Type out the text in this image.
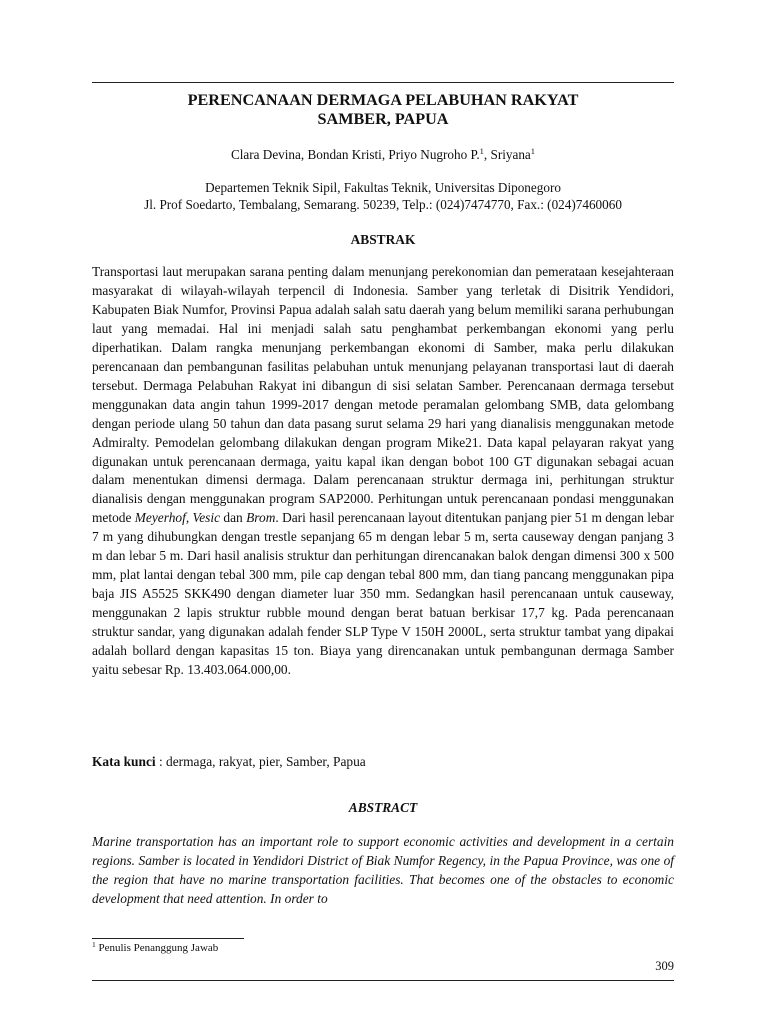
PERENCANAAN DERMAGA PELABUHAN RAKYAT
SAMBER, PAPUA
Clara Devina, Bondan Kristi, Priyo Nugroho P.$^1$, Sriyana$^1$
Departemen Teknik Sipil, Fakultas Teknik, Universitas Diponegoro
Jl. Prof Soedarto, Tembalang, Semarang. 50239, Telp.: (024)7474770, Fax.: (024)7460060
ABSTRAK

Transportasi laut merupakan sarana penting dalam menunjang perekonomian dan pemerataan kesejahteraan masyarakat di wilayah-wilayah terpencil di Indonesia. Samber yang terletak di Disitrik Yendidori, Kabupaten Biak Numfor, Provinsi Papua adalah salah satu daerah yang belum memiliki sarana perhubungan laut yang memadai. Hal ini menjadi salah satu penghambat perkembangan ekonomi yang perlu diperhatikan. Dalam rangka menunjang perkembangan ekonomi di Samber, maka perlu dilakukan perencanaan dan pembangunan fasilitas pelabuhan untuk menunjang pelayanan transportasi laut di daerah tersebut. Dermaga Pelabuhan Rakyat ini dibangun di sisi selatan Samber. Perencanaan dermaga tersebut menggunakan data angin tahun 1999-2017 dengan metode peramalan gelombang SMB, data gelombang dengan periode ulang 50 tahun dan data pasang surut selama 29 hari yang dianalisis menggunakan metode Admiralty. Pemodelan gelombang dilakukan dengan program Mike21. Data kapal pelayaran rakyat yang digunakan untuk perencanaan dermaga, yaitu kapal ikan dengan bobot 100 GT digunakan sebagai acuan dalam menentukan dimensi dermaga. Dalam perencanaan struktur dermaga ini, perhitungan struktur dianalisis dengan menggunakan program SAP2000. Perhitungan untuk perencanaan pondasi menggunakan metode Meyerhof, Vesic dan Brom. Dari hasil perencanaan layout ditentukan panjang pier 51 m dengan lebar 7 m yang dihubungkan dengan trestle sepanjang 65 m dengan lebar 5 m, serta causeway dengan panjang 3 m dan lebar 5 m. Dari hasil analisis struktur dan perhitungan direncanakan balok dengan dimensi 300 x 500 mm, plat lantai dengan tebal 300 mm, pile cap dengan tebal 800 mm, dan tiang pancang menggunakan pipa baja JIS A5525 SKK490 dengan diameter luar 350 mm. Sedangkan hasil perencanaan untuk causeway, menggunakan 2 lapis struktur rubble mound dengan berat batuan berkisar 17,7 kg. Pada perencanaan struktur sandar, yang digunakan adalah fender SLP Type V 150H 2000L, serta struktur tambat yang dipakai adalah bollard dengan kapasitas 15 ton. Biaya yang direncanakan untuk pembangunan dermaga Samber yaitu sebesar Rp. 13.403.064.000,00.

Kata kunci : dermaga, rakyat, pier, Samber, Papua
ABSTRACT

Marine transportation has an important role to support economic activities and development in a certain regions. Samber is located in Yendidori District of Biak Numfor Regency, in the Papua Province, was one of the region that have no marine transportation facilities. That becomes one of the obstacles to economic development that need attention. In order to

$^1$ Penulis Penanggung Jawab
309
